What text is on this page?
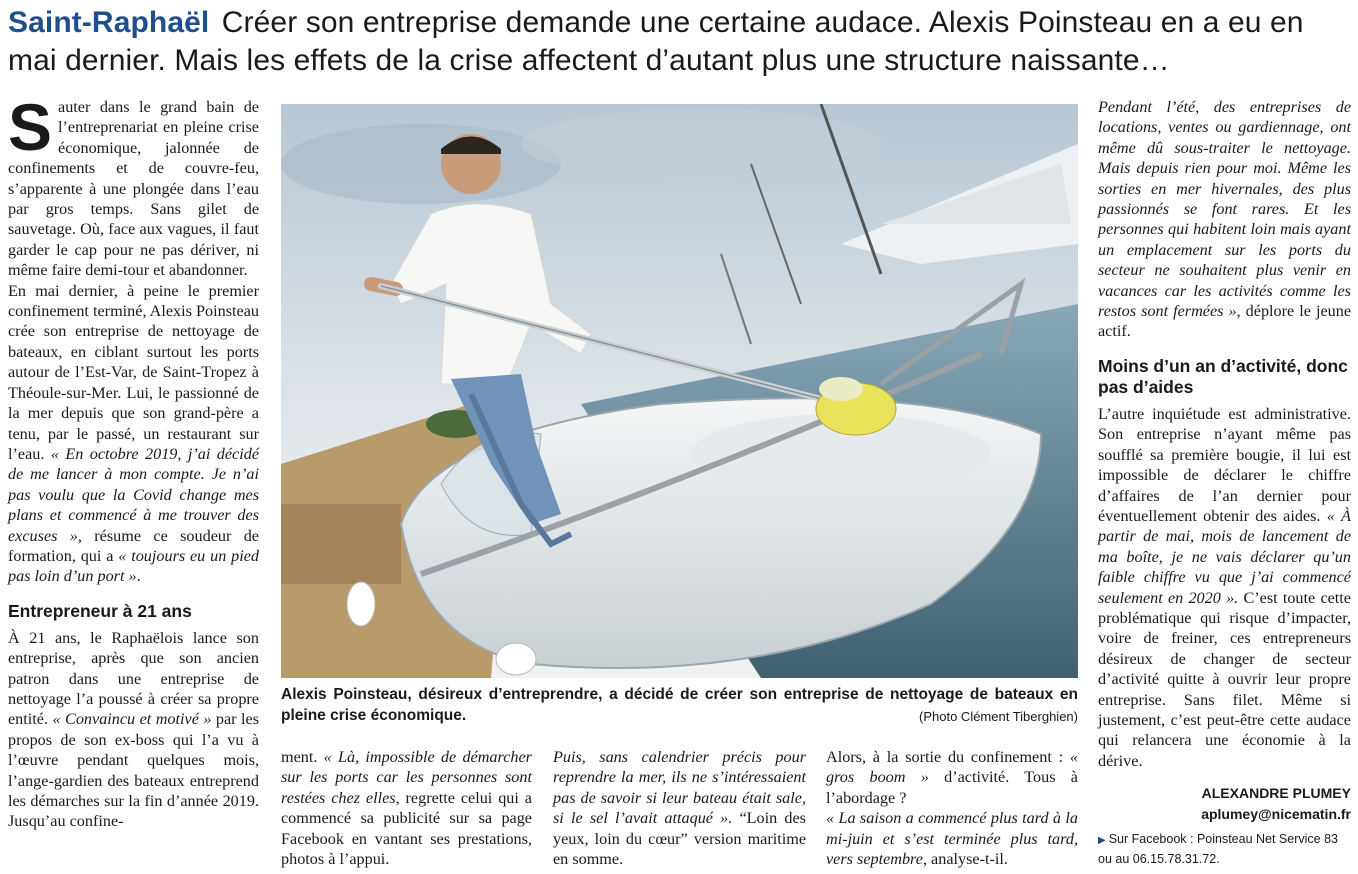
Saint-Raphaël Créer son entreprise demande une certaine audace. Alexis Poinsteau en a eu en mai dernier. Mais les effets de la crise affectent d’autant plus une structure naissante…

Sauter dans le grand bain de l’entreprenariat en pleine crise économique, jalonnée de confinements et de couvre-feu, s’apparente à une plongée dans l’eau par gros temps. Sans gilet de sauvetage. Où, face aux vagues, il faut garder le cap pour ne pas dériver, ni même faire demi-tour et abandonner.

En mai dernier, à peine le premier confinement terminé, Alexis Poinsteau crée son entreprise de nettoyage de bateaux, en ciblant surtout les ports autour de l’Est-Var, de Saint-Tropez à Théoule-sur-Mer. Lui, le passionné de la mer depuis que son grand-père a tenu, par le passé, un restaurant sur l’eau. « En octobre 2019, j’ai décidé de me lancer à mon compte. Je n’ai pas voulu que la Covid change mes plans et commencé à me trouver des excuses », résume ce soudeur de formation, qui a « toujours eu un pied pas loin d’un port ».

Entrepreneur à 21 ans

À 21 ans, le Raphaëlois lance son entreprise, après que son ancien patron dans une entreprise de nettoyage l’a poussé à créer sa propre entité. « Convaincu et motivé » par les propos de son ex-boss qui l’a vu à l’œuvre pendant quelques mois, l’ange-gardien des bateaux entreprend les démarches sur la fin d’année 2019. Jusqu’au confine-

Alexis Poinsteau, désireux d’entreprendre, a décidé de créer son entreprise de nettoyage de bateaux en pleine crise économique.	(Photo Clément Tiberghien)

ment. « Là, impossible de démarcher sur les ports car les personnes sont restées chez elles, regrette celui qui a commencé sa publicité sur sa page Facebook en vantant ses prestations, photos à l’appui.

Puis, sans calendrier précis pour reprendre la mer, ils ne s’intéressaient pas de savoir si leur bateau était sale, si le sel l’avait attaqué ». “Loin des yeux, loin du cœur” version maritime en somme.

Alors, à la sortie du confinement : « gros boom » d’activité. Tous à l’abordage ?

« La saison a commencé plus tard à la mi-juin et s’est terminée plus tard, vers septembre, analyse-t-il.

Pendant l’été, des entreprises de locations, ventes ou gardiennage, ont même dû sous-traiter le nettoyage. Mais depuis rien pour moi. Même les sorties en mer hivernales, des plus passionnés se font rares. Et les personnes qui habitent loin mais ayant un emplacement sur les ports du secteur ne souhaitent plus venir en vacances car les activités comme les restos sont fermées », déplore le jeune actif.

Moins d’un an d’activité, donc pas d’aides

L’autre inquiétude est administrative. Son entreprise n’ayant même pas soufflé sa première bougie, il lui est impossible de déclarer le chiffre d’affaires de l’an dernier pour éventuellement obtenir des aides. « À partir de mai, mois de lancement de ma boîte, je ne vais déclarer qu’un faible chiffre vu que j’ai commencé seulement en 2020 ». C’est toute cette problématique qui risque d’impacter, voire de freiner, ces entrepreneurs désireux de changer de secteur d’activité quitte à ouvrir leur propre entreprise. Sans filet. Même si justement, c’est peut-être cette audace qui relancera une économie à la dérive.

ALEXANDRE PLUMEY
aplumey@nicematin.fr
▶ Sur Facebook : Poinsteau Net Service 83 ou au 06.15.78.31.72.
